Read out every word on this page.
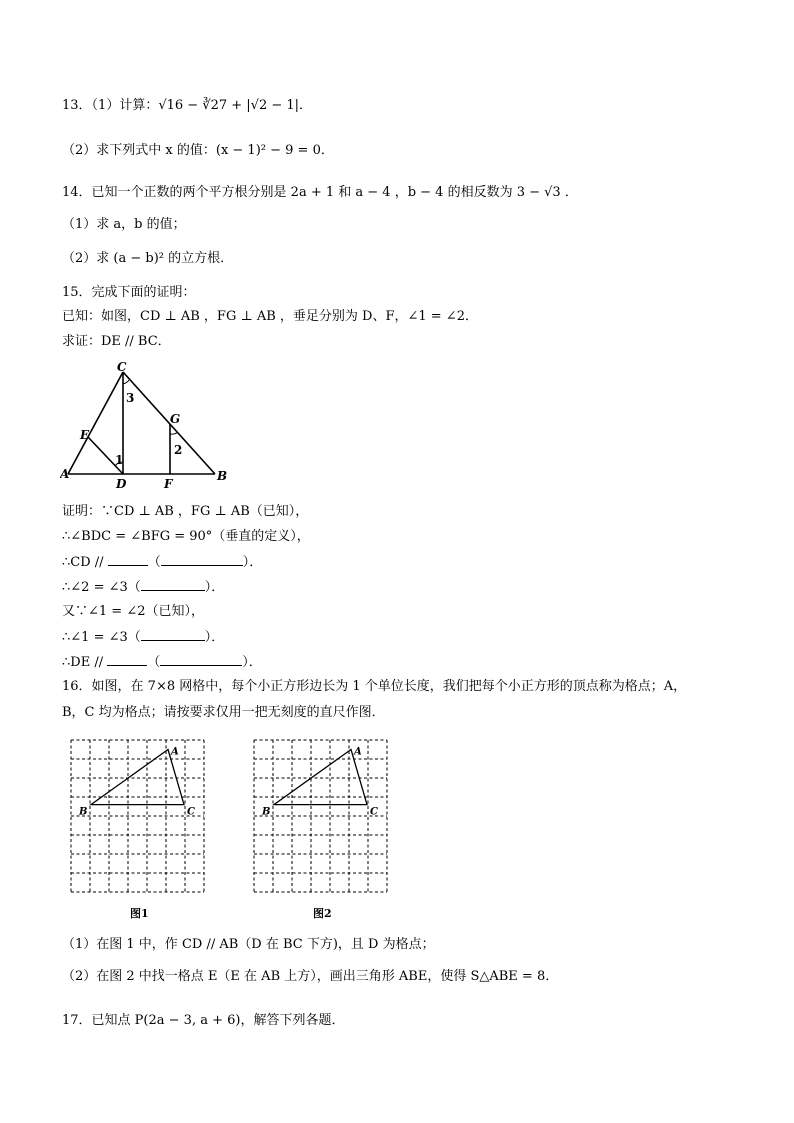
13．（1）计算：√16 − ∛27 + |√2 − 1|．
（2）求下列式中 x 的值：(x − 1)² − 9 = 0．
14．已知一个正数的两个平方根分别是 2a + 1 和 a − 4 ，b − 4 的相反数为 3 − √3 ．
（1）求 a，b 的值；
（2）求 (a − b)² 的立方根．
15．完成下面的证明：
已知：如图，CD ⊥ AB ，FG ⊥ AB ，垂足分别为 D、F，∠1 = ∠2．
求证：DE // BC．
C
3
E
G
2
1
A
D	F
B
证明：∵CD ⊥ AB ，FG ⊥ AB（已知），
∴∠BDC = ∠BFG = 90°（垂直的定义），
∴CD //	（	）．
∴∠2 = ∠3（	）．
又∵∠1 = ∠2（已知），
∴∠1 = ∠3（	）．
∴DE //	（	）．
16．如图，在 7×8 网格中，每个小正方形边长为 1 个单位长度，我们把每个小正方形的顶点称为格点；A，
B，C 均为格点；请按要求仅用一把无刻度的直尺作图．
A
B	C
A
B	C
图1	图2
（1）在图 1 中，作 CD // AB（D 在 BC 下方)，且 D 为格点；
（2）在图 2 中找一格点 E（E 在 AB 上方），画出三角形 ABE，使得 S△ABE = 8．
17．已知点 P(2a − 3, a + 6)，解答下列各题．
